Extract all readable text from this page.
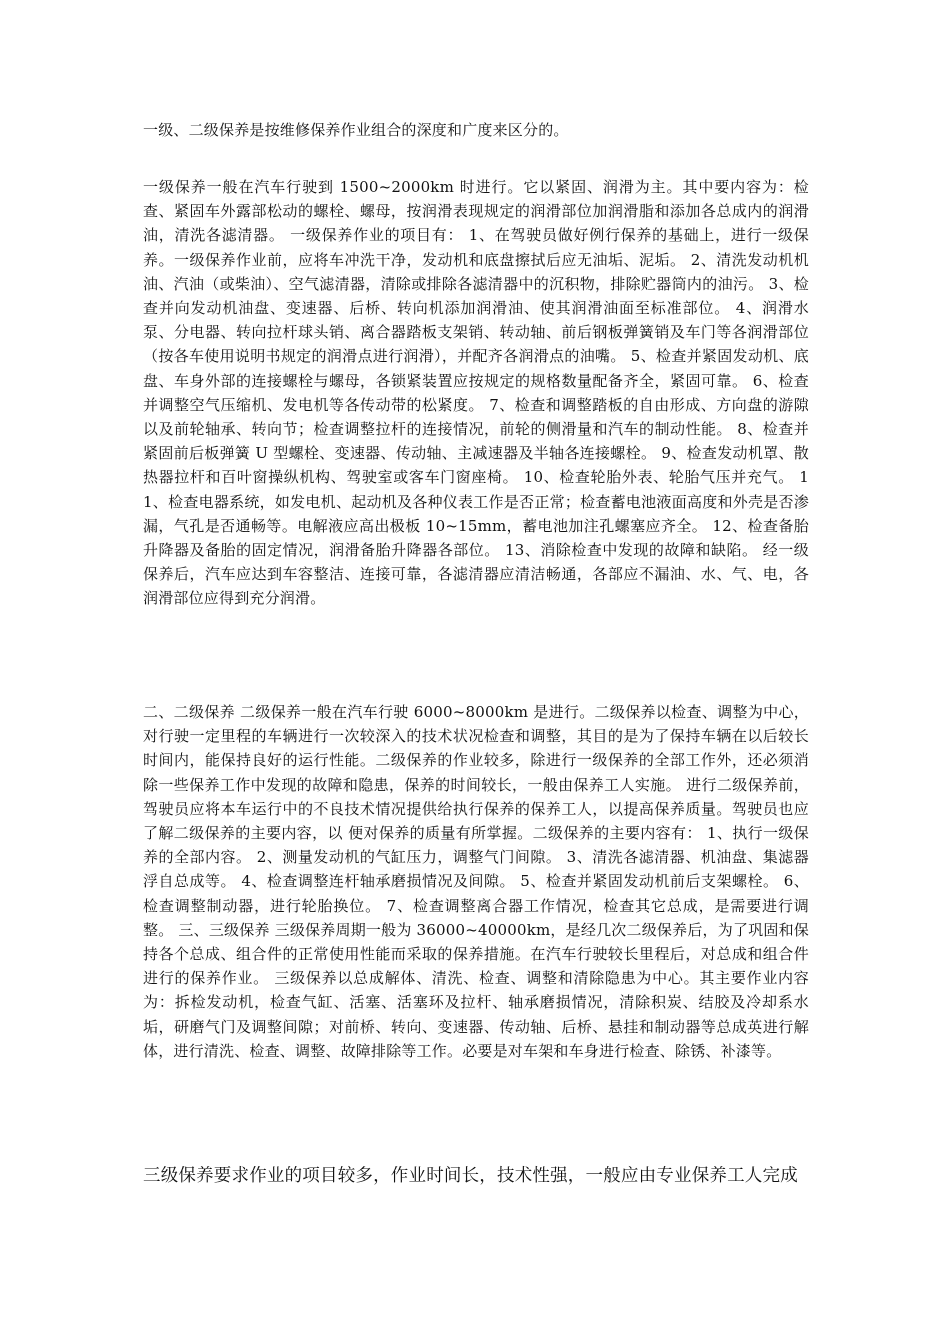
一级、二级保养是按维修保养作业组合的深度和广度来区分的。

一级保养一般在汽车行驶到 1500~2000km 时进行。它以紧固、润滑为主。其中要内容为：检查、紧固车外露部松动的螺栓、螺母，按润滑表现规定的润滑部位加润滑脂和添加各总成内的润滑油，清洗各滤清器。 一级保养作业的项目有： 1、在驾驶员做好例行保养的基础上，进行一级保养。一级保养作业前，应将车冲洗干净，发动机和底盘擦拭后应无油垢、泥垢。 2、清洗发动机机油、汽油（或柴油）、空气滤清器，清除或排除各滤清器中的沉积物，排除贮器筒内的油污。 3、检查并向发动机油盘、变速器、后桥、转向机添加润滑油、使其润滑油面至标准部位。 4、润滑水泵、分电器、转向拉杆球头销、离合器踏板支架销、转动轴、前后钢板弹簧销及车门等各润滑部位（按各车使用说明书规定的润滑点进行润滑），并配齐各润滑点的油嘴。 5、检查并紧固发动机、底盘、车身外部的连接螺栓与螺母，各锁紧装置应按规定的规格数量配备齐全，紧固可靠。 6、检查并调整空气压缩机、发电机等各传动带的松紧度。 7、检查和调整踏板的自由形成、方向盘的游隙以及前轮轴承、转向节；检查调整拉杆的连接情况，前轮的侧滑量和汽车的制动性能。 8、检查并紧固前后板弹簧 U 型螺栓、变速器、传动轴、主减速器及半轴各连接螺栓。 9、检查发动机罩、散热器拉杆和百叶窗操纵机构、驾驶室或客车门窗座椅。 10、检查轮胎外表、轮胎气压并充气。 11、检查电器系统，如发电机、起动机及各种仪表工作是否正常；检查蓄电池液面高度和外壳是否渗漏，气孔是否通畅等。电解液应高出极板 10~15mm，蓄电池加注孔螺塞应齐全。 12、检查备胎升降器及备胎的固定情况，润滑备胎升降器各部位。 13、消除检查中发现的故障和缺陷。 经一级保养后，汽车应达到车容整洁、连接可靠，各滤清器应清洁畅通，各部应不漏油、水、气、电，各润滑部位应得到充分润滑。

二、二级保养 二级保养一般在汽车行驶 6000~8000km 是进行。二级保养以检查、调整为中心，对行驶一定里程的车辆进行一次较深入的技术状况检查和调整，其目的是为了保持车辆在以后较长时间内，能保持良好的运行性能。二级保养的作业较多，除进行一级保养的全部工作外，还必须消除一些保养工作中发现的故障和隐患，保养的时间较长，一般由保养工人实施。 进行二级保养前，驾驶员应将本车运行中的不良技术情况提供给执行保养的保养工人，以提高保养质量。驾驶员也应了解二级保养的主要内容，以 便对保养的质量有所掌握。二级保养的主要内容有： 1、执行一级保养的全部内容。 2、测量发动机的气缸压力，调整气门间隙。 3、清洗各滤清器、机油盘、集滤器浮自总成等。 4、检查调整连杆轴承磨损情况及间隙。 5、检查并紧固发动机前后支架螺栓。 6、检查调整制动器，进行轮胎换位。 7、检查调整离合器工作情况，检查其它总成，是需要进行调整。 三、三级保养 三级保养周期一般为 36000~40000km，是经几次二级保养后，为了巩固和保持各个总成、组合件的正常使用性能而采取的保养措施。在汽车行驶较长里程后，对总成和组合件进行的保养作业。 三级保养以总成解体、清洗、检查、调整和清除隐患为中心。其主要作业内容为：拆检发动机，检查气缸、活塞、活塞环及拉杆、轴承磨损情况，清除积炭、结胶及冷却系水垢，研磨气门及调整间隙；对前桥、转向、变速器、传动轴、后桥、悬挂和制动器等总成英进行解体，进行清洗、检查、调整、故障排除等工作。必要是对车架和车身进行检查、除锈、补漆等。

三级保养要求作业的项目较多，作业时间长，技术性强，一般应由专业保养工人完成
